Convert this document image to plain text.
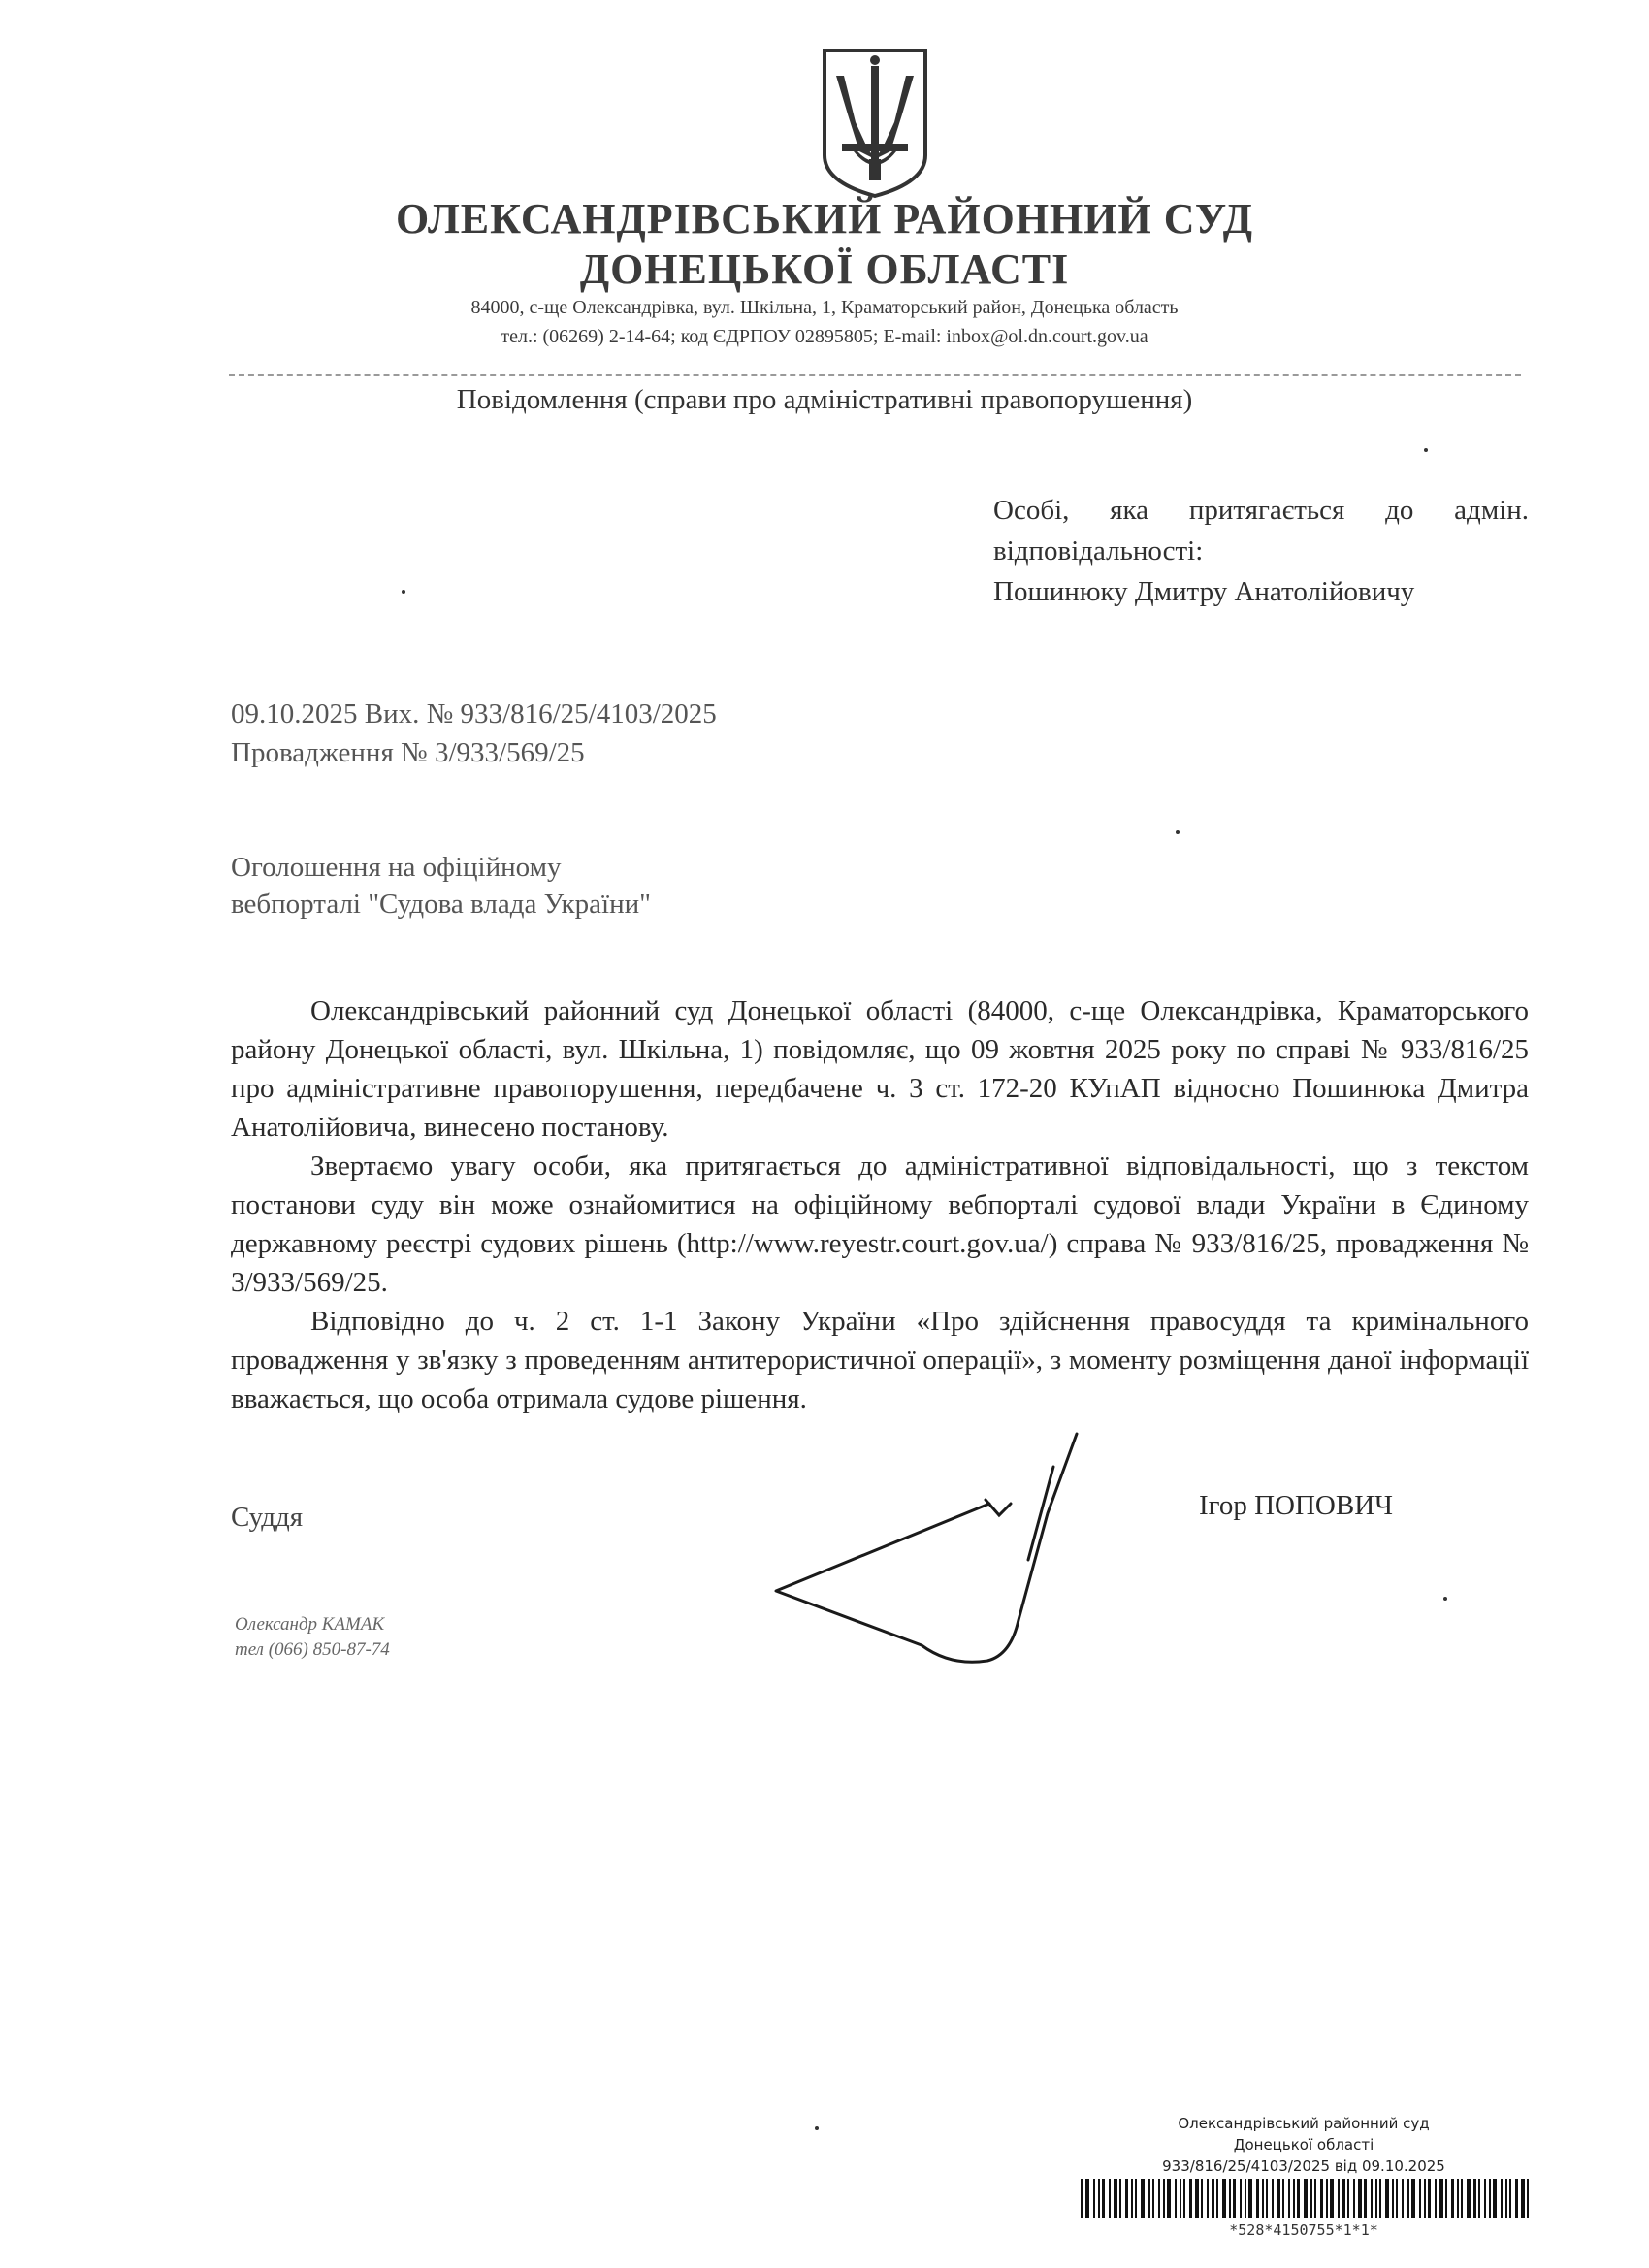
ОЛЕКСАНДРІВСЬКИЙ РАЙОННИЙ СУД
ДОНЕЦЬКОЇ ОБЛАСТІ
84000, с-ще Олександрівка, вул. Шкільна, 1, Краматорський район, Донецька область
тел.: (06269) 2-14-64; код ЄДРПОУ 02895805; E-mail: inbox@ol.dn.court.gov.ua
Повідомлення (справи про адміністративні правопорушення)
Особі, яка притягається до адмін.
відповідальності:
Пошинюку Дмитру Анатолійовичу
09.10.2025 Вих. № 933/816/25/4103/2025
Провадження № 3/933/569/25
Оголошення на офіційному
вебпорталі "Судова влада України"

Олександрівський районний суд Донецької області (84000, с-ще Олександрівка, Краматорського району Донецької області, вул. Шкільна, 1) повідомляє, що 09 жовтня 2025 року по справі № 933/816/25 про адміністративне правопорушення, передбачене ч. 3 ст. 172-20 КУпАП відносно Пошинюка Дмитра Анатолійовича, винесено постанову.

Звертаємо увагу особи, яка притягається до адміністративної відповідальності, що з текстом постанови суду він може ознайомитися на офіційному вебпорталі судової влади України в Єдиному державному реєстрі судових рішень (http://www.reyestr.court.gov.ua/) справа № 933/816/25, провадження № 3/933/569/25.

Відповідно до ч. 2 ст. 1-1 Закону України «Про здійснення правосуддя та кримінального провадження у зв'язку з проведенням антитерористичної операції», з моменту розміщення даної інформації вважається, що особа отримала судове рішення.

Суддя	Ігор ПОПОВИЧ
Олександр КАМАК
тел (066) 850-87-74
Олександрівський районний суд
Донецької області
933/816/25/4103/2025 від 09.10.2025
*528*4150755*1*1*
